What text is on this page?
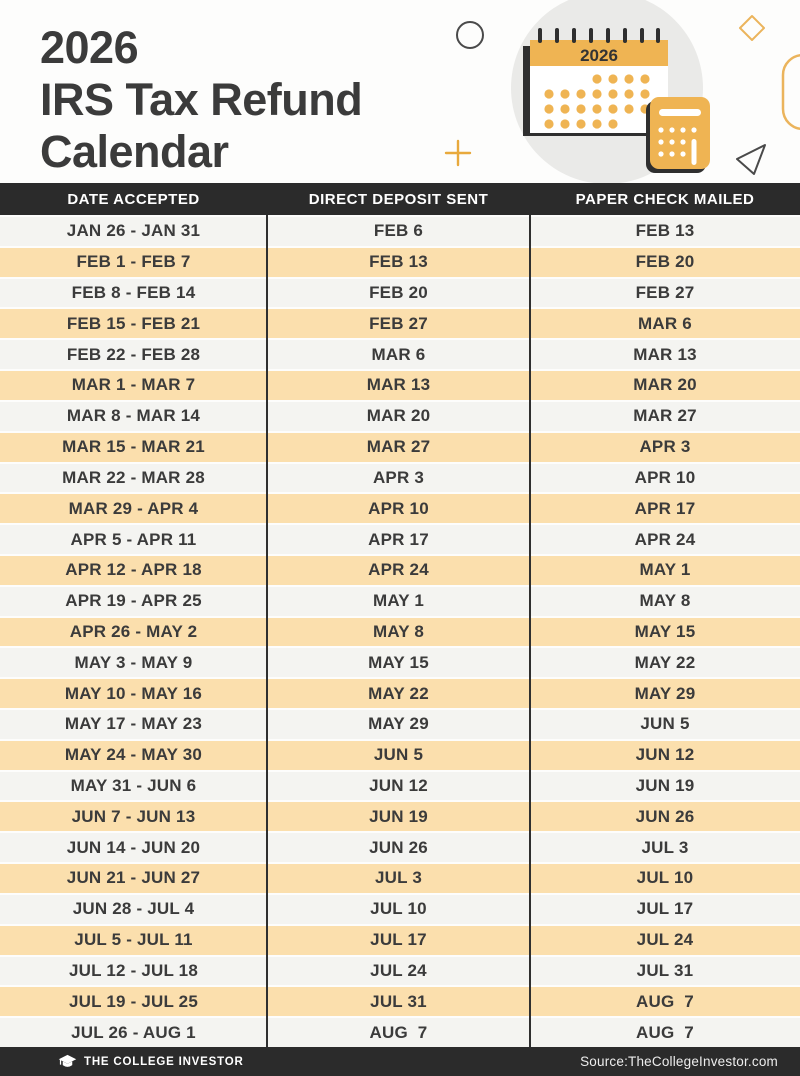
2026
IRS Tax Refund
Calendar
2026
DATE ACCEPTED	DIRECT DEPOSIT SENT	PAPER CHECK MAILED
JAN 26 - JAN 31	FEB 6	FEB 13
FEB 1 - FEB 7	FEB 13	FEB 20
FEB 8 - FEB 14	FEB 20	FEB 27
FEB 15 - FEB 21	FEB 27	MAR 6
FEB 22 - FEB 28	MAR 6	MAR 13
MAR 1 - MAR 7	MAR 13	MAR 20
MAR 8 - MAR 14	MAR 20	MAR 27
MAR 15 - MAR 21	MAR 27	APR 3
MAR 22 - MAR 28	APR 3	APR 10
MAR 29 - APR 4	APR 10	APR 17
APR 5 - APR 11	APR 17	APR 24
APR 12 - APR 18	APR 24	MAY 1
APR 19 - APR 25	MAY 1	MAY 8
APR 26 - MAY 2	MAY 8	MAY 15
MAY 3 - MAY 9	MAY 15	MAY 22
MAY 10 - MAY 16	MAY 22	MAY 29
MAY 17 - MAY 23	MAY 29	JUN 5
MAY 24 - MAY 30	JUN 5	JUN 12
MAY 31 - JUN 6	JUN 12	JUN 19
JUN 7 - JUN 13	JUN 19	JUN 26
JUN 14 - JUN 20	JUN 26	JUL 3
JUN 21 - JUN 27	JUL 3	JUL 10
JUN 28 - JUL 4	JUL 10	JUL 17
JUL 5 - JUL 11	JUL 17	JUL 24
JUL 12 - JUL 18	JUL 24	JUL 31
JUL 19 - JUL 25	JUL 31	AUG  7
JUL 26 - AUG 1	AUG  7	AUG  7
THE COLLEGE INVESTOR	Source:TheCollegeInvestor.com
